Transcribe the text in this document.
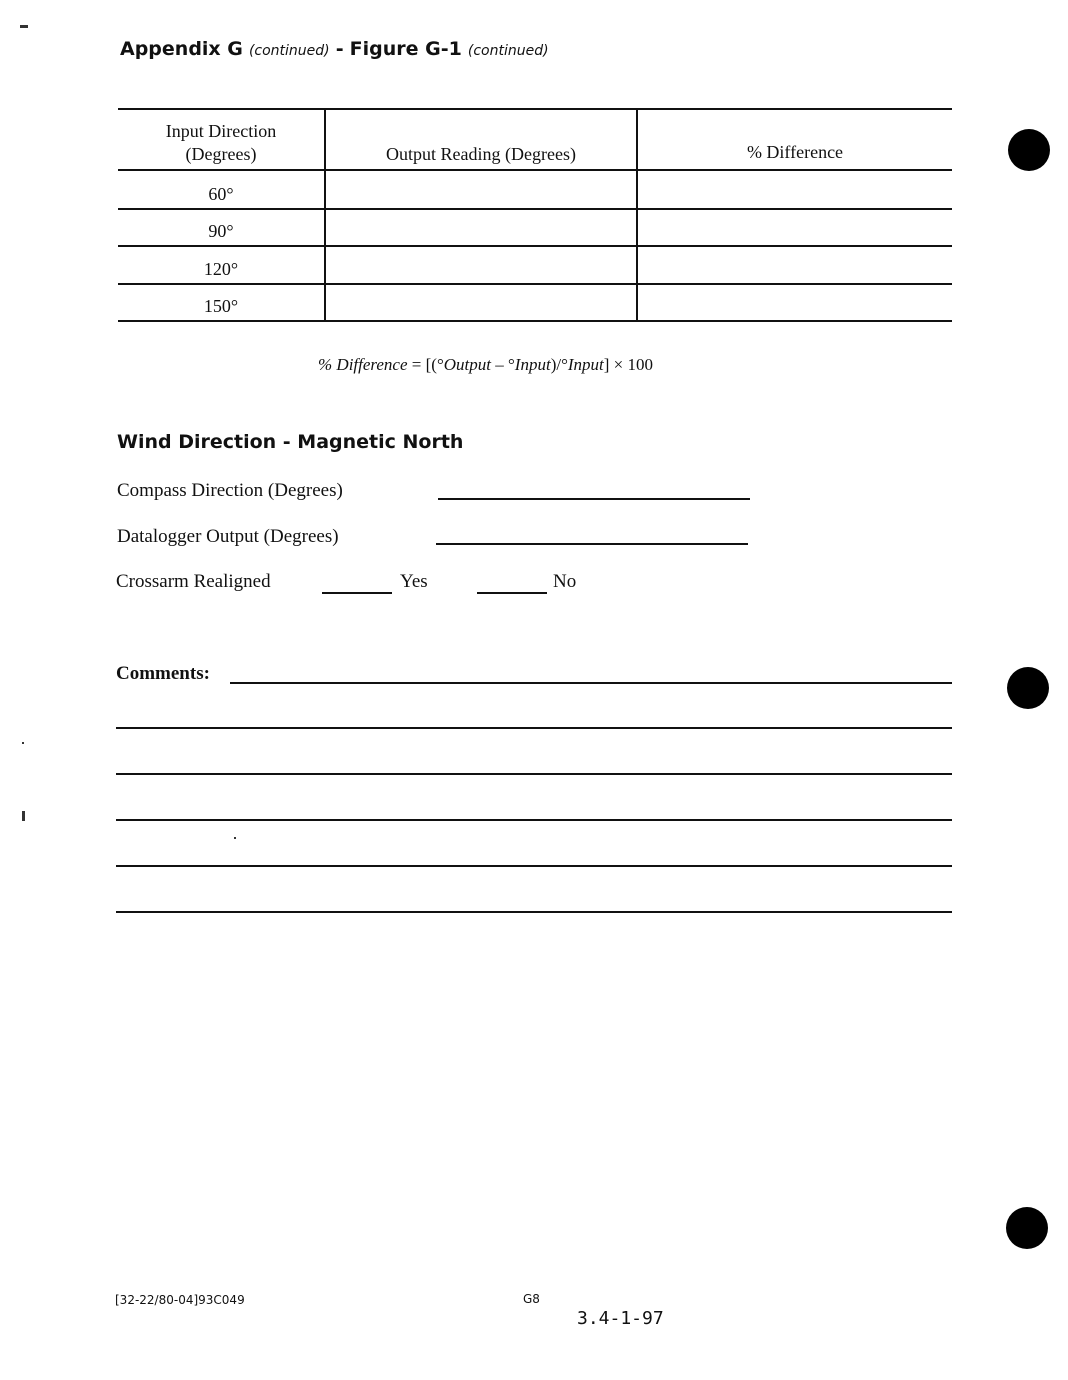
Appendix G (continued) - Figure G-1 (continued)
Input Direction
(Degrees)	Output Reading (Degrees)	% Difference
60°
90°
120°
150°
% Difference = [(°Output – °Input)/°Input] × 100
Wind Direction - Magnetic North
Compass Direction (Degrees)
Datalogger Output (Degrees)
Crossarm Realigned	Yes	No
Comments:
[32-22/80-04]93C049	G8
3.4-1-97
